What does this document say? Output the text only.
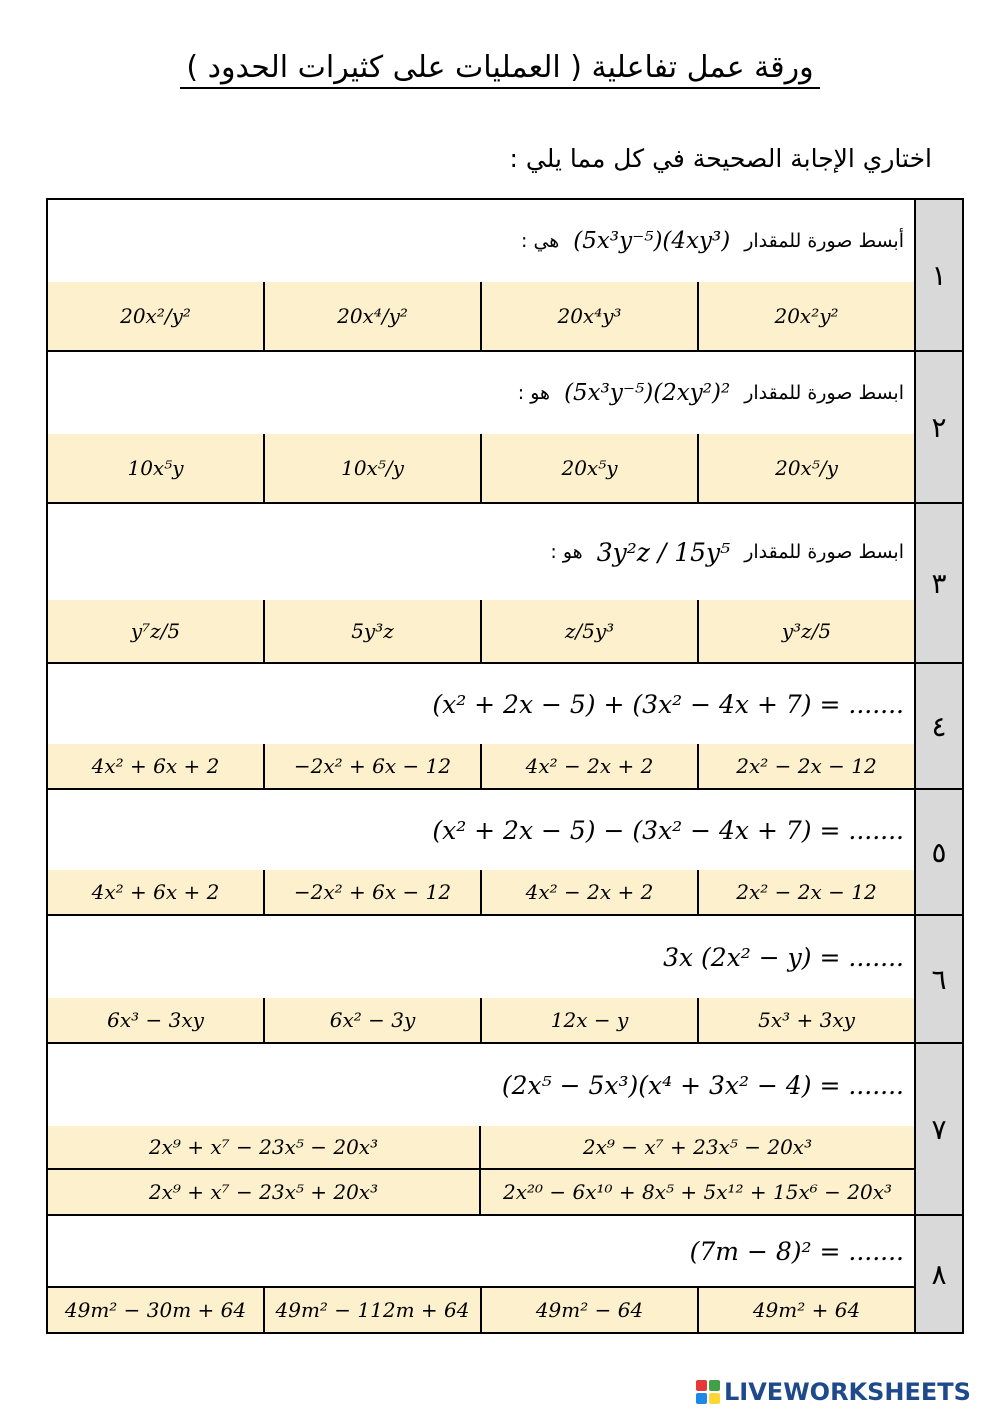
ورقة عمل تفاعلية ( العمليات على كثيرات الحدود )
اختاري الإجابة الصحيحة في كل مما يلي :
١
هي : (5x³y⁻⁵)(4xy³) أبسط صورة للمقدار
20x²/y²	20x⁴/y²	20x⁴y³	20x²y²
٢
هو : (5x³y⁻⁵)(2xy²)² ابسط صورة للمقدار
10x⁵y	10x⁵/y	20x⁵y	20x⁵/y
٣
هو : 3y²z / 15y⁵ ابسط صورة للمقدار
y⁷z/5	5y³z	z/5y³	y³z/5
٤
(x² + 2x − 5) + (3x² − 4x + 7) = .......
4x² + 6x + 2	−2x² + 6x − 12	4x² − 2x + 2	2x² − 2x − 12
٥
(x² + 2x − 5) − (3x² − 4x + 7) = .......
4x² + 6x + 2	−2x² + 6x − 12	4x² − 2x + 2	2x² − 2x − 12
٦
3x (2x² − y) = .......
6x³ − 3xy	6x² − 3y	12x − y	5x³ + 3xy
٧
(2x⁵ − 5x³)(x⁴ + 3x² − 4) = .......
2x⁹ + x⁷ − 23x⁵ − 20x³	2x⁹ − x⁷ + 23x⁵ − 20x³
2x⁹ + x⁷ − 23x⁵ + 20x³	2x²⁰ − 6x¹⁰ + 8x⁵ + 5x¹² + 15x⁶ − 20x³
٨
(7m − 8)² = .......
49m² − 30m + 64	49m² − 112m + 64	49m² − 64	49m² + 64
LIVEWORKSHEETS
